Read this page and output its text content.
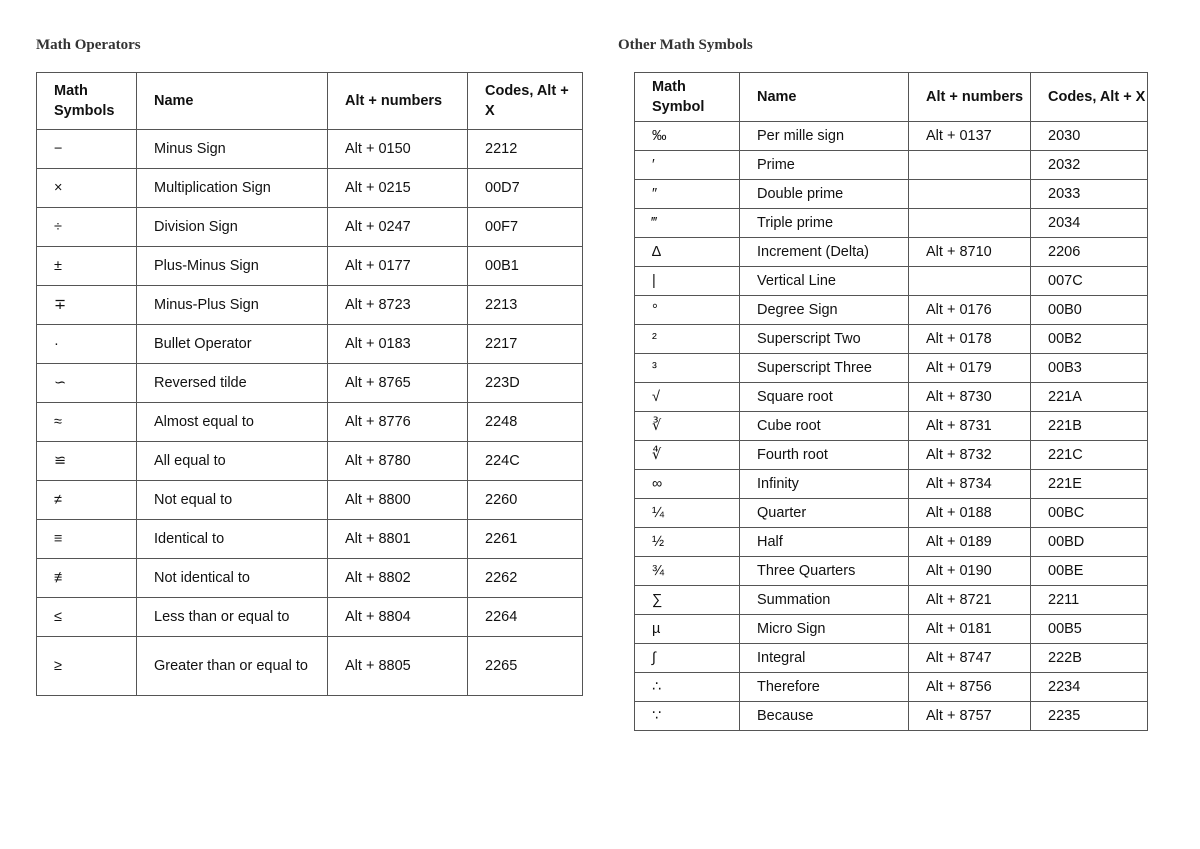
Math Operators	Other Math Symbols
Math Symbols	Name	Alt + numbers	Codes, Alt + X
−	Minus Sign	Alt + 0150	2212
×	Multiplication Sign	Alt + 0215	00D7
÷	Division Sign	Alt + 0247	00F7
±	Plus-Minus Sign	Alt + 0177	00B1
∓	Minus-Plus Sign	Alt + 8723	2213
·	Bullet Operator	Alt + 0183	2217
∽	Reversed tilde	Alt + 8765	223D
≈	Almost equal to	Alt + 8776	2248
≌	All equal to	Alt + 8780	224C
≠	Not equal to	Alt + 8800	2260
≡	Identical to	Alt + 8801	2261
≢	Not identical to	Alt + 8802	2262
≤	Less than or equal to	Alt + 8804	2264
≥	Greater than or equal to	Alt + 8805	2265
Math Symbol	Name	Alt + numbers	Codes, Alt + X
‰	Per mille sign	Alt + 0137	2030
′	Prime		2032
″	Double prime		2033
‴	Triple prime		2034
∆	Increment (Delta)	Alt + 8710	2206
|	Vertical Line		007C
°	Degree Sign	Alt + 0176	00B0
²	Superscript Two	Alt + 0178	00B2
³	Superscript Three	Alt + 0179	00B3
√	Square root	Alt + 8730	221A
∛	Cube root	Alt + 8731	221B
∜	Fourth root	Alt + 8732	221C
∞	Infinity	Alt + 8734	221E
¼	Quarter	Alt + 0188	00BC
½	Half	Alt + 0189	00BD
¾	Three Quarters	Alt + 0190	00BE
∑	Summation	Alt + 8721	2211
µ	Micro Sign	Alt + 0181	00B5
∫	Integral	Alt + 8747	222B
∴	Therefore	Alt + 8756	2234
∵	Because	Alt + 8757	2235
